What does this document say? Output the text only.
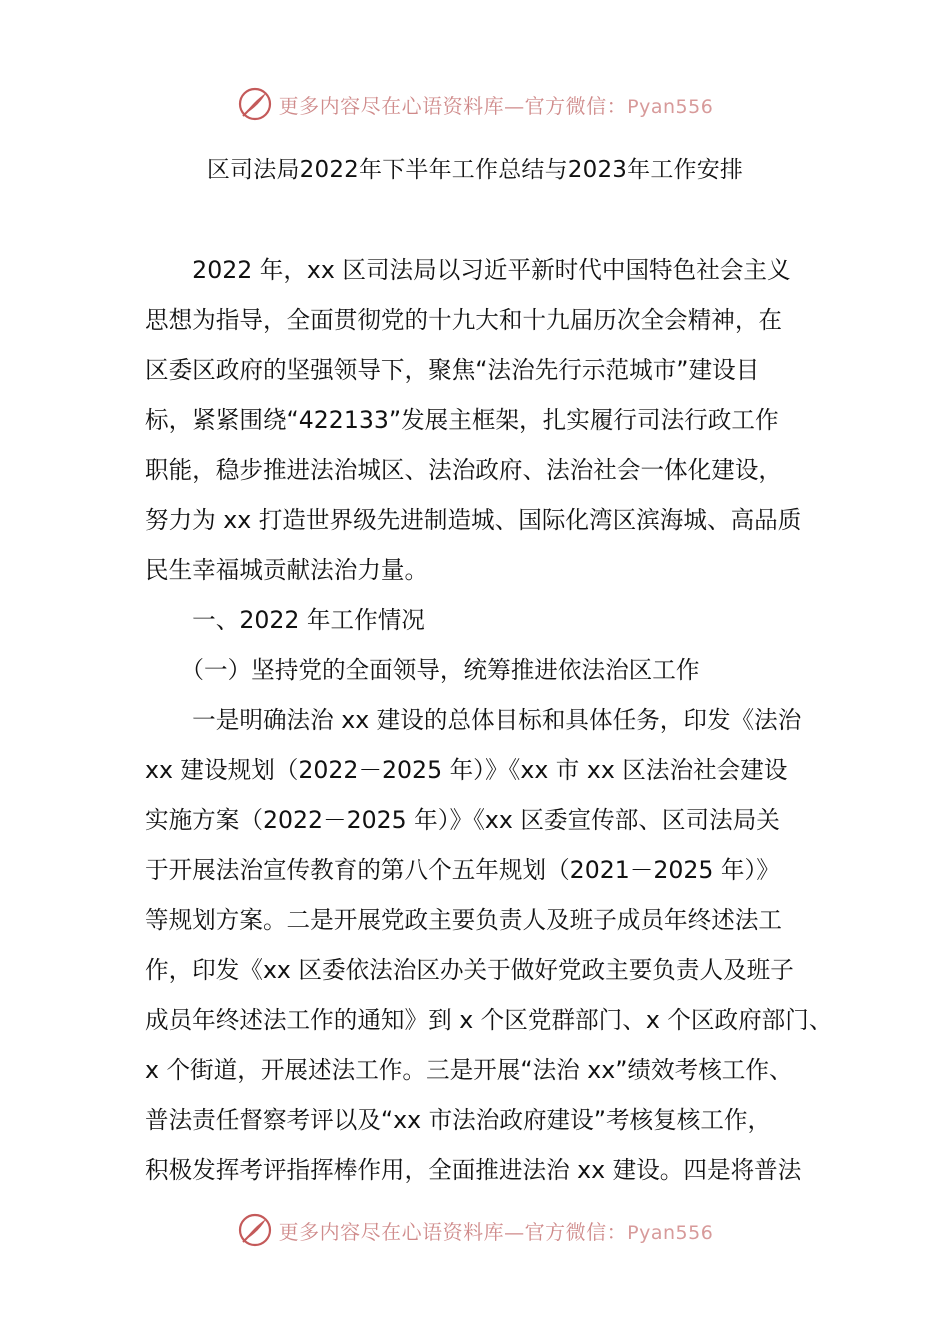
更多内容尽在心语资料库—官方微信：Pyan556
区司法局2022年下半年工作总结与2023年工作安排
　　2022 年，xx 区司法局以习近平新时代中国特色社会主义
思想为指导，全面贯彻党的十九大和十九届历次全会精神，在
区委区政府的坚强领导下，聚焦“法治先行示范城市”建设目
标，紧紧围绕“422133”发展主框架，扎实履行司法行政工作
职能，稳步推进法治城区、法治政府、法治社会一体化建设，
努力为 xx 打造世界级先进制造城、国际化湾区滨海城、高品质
民生幸福城贡献法治力量。
　　一、2022 年工作情况
　　（一）坚持党的全面领导，统筹推进依法治区工作
　　一是明确法治 xx 建设的总体目标和具体任务，印发《法治
xx 建设规划（2022－2025 年）》《xx 市 xx 区法治社会建设
实施方案（2022－2025 年）》《xx 区委宣传部、区司法局关
于开展法治宣传教育的第八个五年规划（2021－2025 年）》
等规划方案。二是开展党政主要负责人及班子成员年终述法工
作，印发《xx 区委依法治区办关于做好党政主要负责人及班子
成员年终述法工作的通知》到 x 个区党群部门、x 个区政府部门、
x 个街道，开展述法工作。三是开展“法治 xx”绩效考核工作、
普法责任督察考评以及“xx 市法治政府建设”考核复核工作，
积极发挥考评指挥棒作用，全面推进法治 xx 建设。四是将普法
更多内容尽在心语资料库—官方微信：Pyan556
